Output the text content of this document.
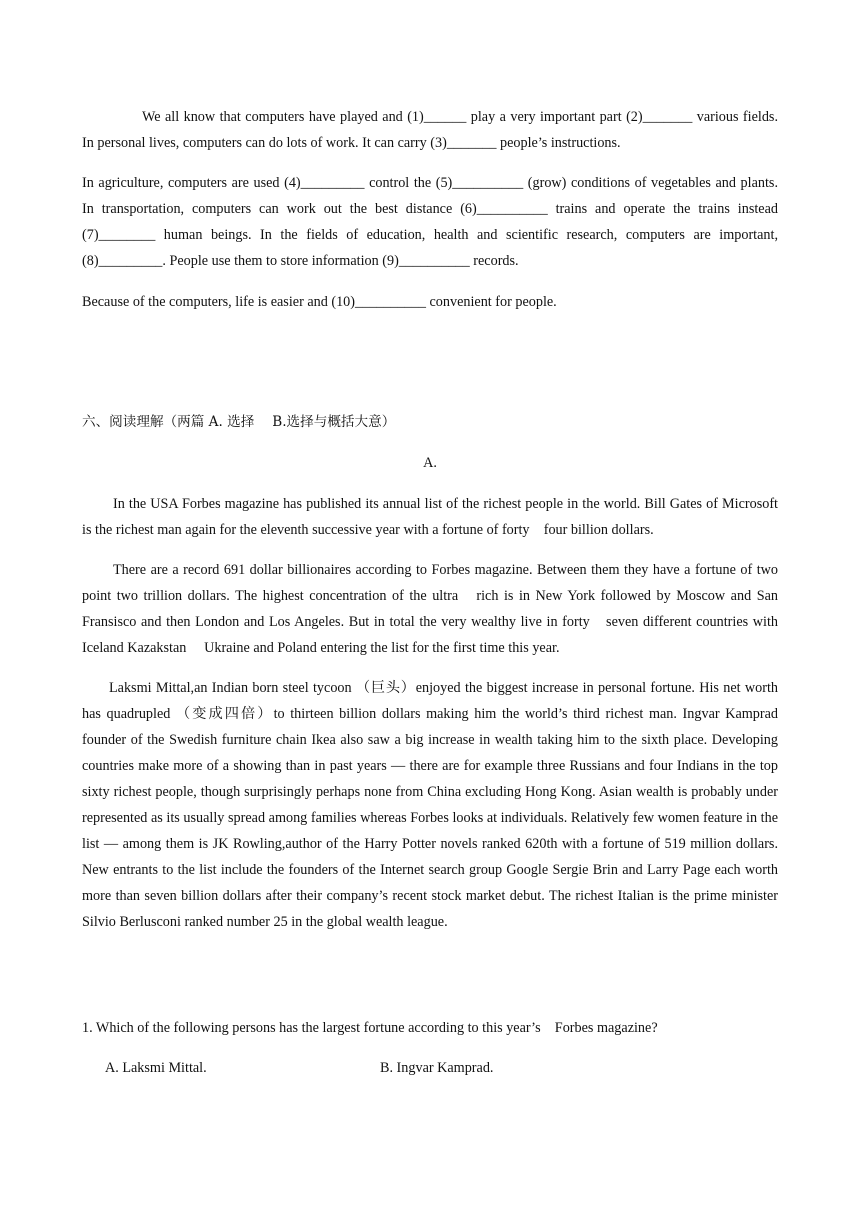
We all know that computers have played and (1)______ play a very important part (2)_______ various fields. In personal lives, computers can do lots of work. It can carry (3)_______ people’s instructions.

In agriculture, computers are used (4)_________ control the (5)__________ (grow) conditions of vegetables and plants. In transportation, computers can work out the best distance (6)__________ trains and operate the trains instead (7)________ human beings. In the fields of education, health and scientific research, computers are important, (8)_________. People use them to store information (9)__________ records.

Because of the computers, life is easier and (10)__________ convenient for people.

六、阅读理解（两篇 A. 选择　 B.选择与概括大意）

A.

In the USA Forbes magazine has published its annual list of the richest people in the world. Bill Gates of Microsoft is the richest man again for the eleventh successive year with a fortune of forty　four billion dollars.

There are a record 691 dollar billionaires according to Forbes magazine. Between them they have a fortune of two point two trillion dollars. The highest concentration of the ultra　rich is in New York followed by Moscow and San Fransisco and then London and Los Angeles. But in total the very wealthy live in forty　seven different countries with Iceland Kazakstan　 Ukraine and Poland entering the list for the first time this year.

Laksmi Mittal,an Indian born steel tycoon （巨头）enjoyed the biggest increase in personal fortune. His net worth has quadrupled （变成四倍）to thirteen billion dollars making him the world’s third richest man. Ingvar Kamprad founder of the Swedish furniture chain Ikea also saw a big increase in wealth taking him to the sixth place. Developing countries make more of a showing than in past years — there are for example three Russians and four Indians in the top sixty richest people, though surprisingly perhaps none from China excluding Hong Kong. Asian wealth is probably under　represented as its usually spread among families whereas Forbes looks at individuals. Relatively few women feature in the list — among them is JK Rowling,author of the Harry Potter novels ranked 620th with a fortune of 519 million dollars. New entrants to the list include the founders of the Internet search group Google Sergie Brin and Larry Page each worth more than seven billion dollars after their company’s recent stock market debut. The richest Italian is the prime minister Silvio Berlusconi ranked number 25 in the global wealth league.

1. Which of the following persons has the largest fortune according to this year’s　Forbes magazine?

A. Laksmi Mittal.	B. Ingvar Kamprad.
